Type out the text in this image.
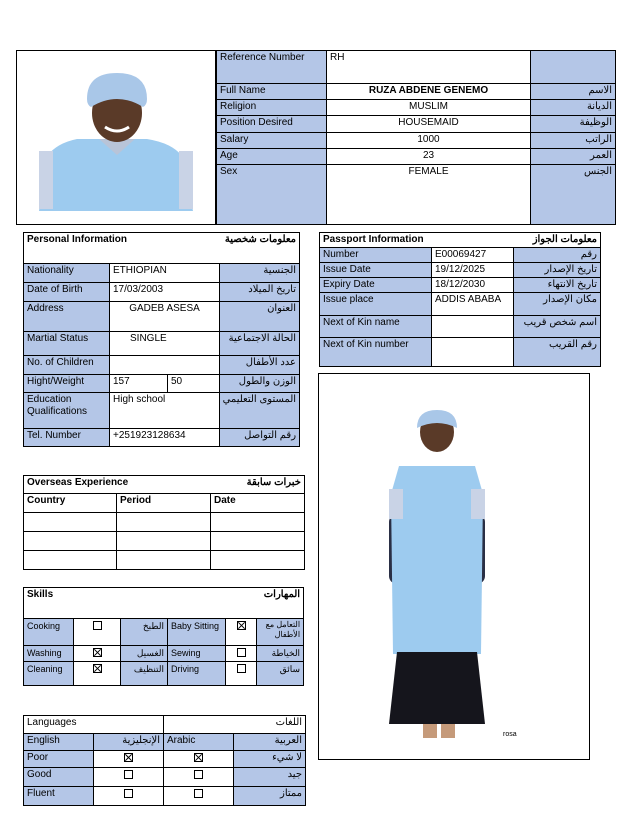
Reference Number	RH	
Full Name	RUZA ABDENE GENEMO	الاسم
Religion	MUSLIM	الديانة
Position Desired	HOUSEMAID	الوظيفة
Salary	1000	الراتب
Age	23	العمر
Sex	FEMALE	الجنس
Personal Information معلومات شخصية			

Nationality	ETHIOPIAN		الجنسية
Date of Birth	17/03/2003		تاريخ الميلاد
Address	GADEB ASESA		العنوان
Martial Status	SINGLE		الحالة الاجتماعية
No. of Children			عدد الأطفال
Hight/Weight	157	50	الوزن والطول
Education Qualifications	High school		المستوى التعليمي
Tel. Number	+251923128634		رقم التواصل
Passport Information معلومات الجواز		

Number	E00069427	رقم
Issue Date	19/12/2025	تاريخ الإصدار
Expiry Date	18/12/2030	تاريخ الانتهاء
Issue place	ADDIS ABABA	مكان الإصدار
Next of Kin name		اسم شخص قريب
Next of Kin number		رقم القريب
rosa
Overseas Experience خبرات سابقة		

Country	Period	Date

Skills المهارات					

Cooking		الطبخ	Baby Sitting		التعامل مع الأطفال
Washing		الغسيل	Sewing		الخياطة
Cleaning		التنظيف	Driving		سائق
Languages		اللغات	
English	الإنجليزية	Arabic	العربية
Poor			لا شيء
Good			جيد
Fluent			ممتاز
